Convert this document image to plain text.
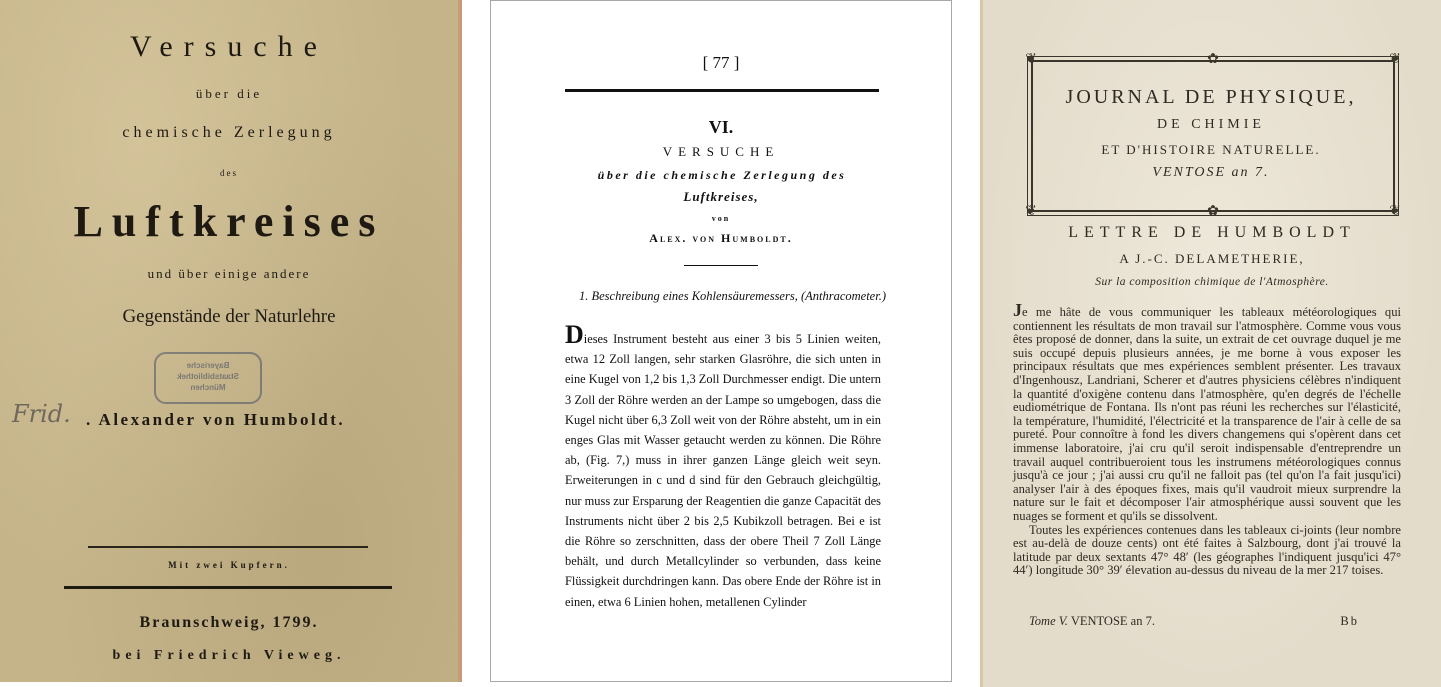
Versuche
über die
chemische Zerlegung
des
Luftkreises
und über einige andere
Gegenstände der Naturlehre
Bayerische
Staatsbibliothek
München
Frid. . Alexander von Humboldt.
Mit zwei Kupfern.
Braunschweig, 1799.
bei Friedrich Vieweg.
[ 77 ]
VI.
VERSUCHE
über die chemische Zerlegung des
Luftkreises,
von
Alex. von Humboldt.
1. Beschreibung eines Kohlensäuremessers, (Anthracometer.)
Dieses Instrument besteht aus einer 3 bis 5 Linien weiten, etwa 12 Zoll langen, sehr starken Glasröhre, die sich unten in eine Kugel von 1,2 bis 1,3 Zoll Durchmesser endigt. Die untern 3 Zoll der Röhre werden an der Lampe so umgebogen, dass die Kugel nicht über 6,3 Zoll weit von der Röhre absteht, um in ein enges Glas mit Wasser getaucht werden zu können. Die Röhre ab, (Fig. 7,) muss in ihrer ganzen Länge gleich weit seyn. Erweiterungen in c und d sind für den Gebrauch gleichgültig, nur muss zur Ersparung der Reagentien die ganze Capacität des Instruments nicht über 2 bis 2,5 Kubikzoll betragen. Bei e ist die Röhre so zerschnitten, dass der obere Theil 7 Zoll Länge behält, und durch Metallcylinder so verbunden, dass keine Flüssigkeit durchdringen kann. Das obere Ende der Röhre ist in einen, etwa 6 Linien hohen, metallenen Cylinder
❦	❦
❦	❦
✿
✿
JOURNAL DE PHYSIQUE,
DE CHIMIE
ET D'HISTOIRE NATURELLE.
VENTOSE an 7.
LETTRE DE HUMBOLDT
A J.-C. DELAMETHERIE,
Sur la composition chimique de l'Atmosphère.

Je me hâte de vous communiquer les tableaux météorologiques qui contiennent les résultats de mon travail sur l'atmosphère. Comme vous vous êtes proposé de donner, dans la suite, un extrait de cet ouvrage duquel je me suis occupé depuis plusieurs années, je me borne à vous exposer les principaux résultats que mes expériences semblent présenter. Les travaux d'Ingenhousz, Landriani, Scherer et d'autres physiciens célèbres n'indiquent la quantité d'oxigène contenu dans l'atmosphère, qu'en degrés de l'échelle eudiométrique de Fontana. Ils n'ont pas réuni les recherches sur l'élasticité, la température, l'humidité, l'électricité et la transparence de l'air à celle de sa pureté. Pour connoître à fond les divers changemens qui s'opèrent dans cet immense laboratoire, j'ai cru qu'il seroit indispensable d'entreprendre un travail auquel contribueroient tous les instrumens météorologiques connus jusqu'à ce jour ; j'ai aussi cru qu'il ne falloit pas (tel qu'on l'a fait jusqu'ici) analyser l'air à des époques fixes, mais qu'il vaudroit mieux surprendre la nature sur le fait et décomposer l'air atmosphérique aussi souvent que les nuages se forment et qu'ils se dissolvent.

Toutes les expériences contenues dans les tableaux ci-joints (leur nombre est au-delà de douze cents) ont été faites à Salzbourg, dont j'ai trouvé la latitude par deux sextants 47° 48′ (les géographes l'indiquent jusqu'ici 47° 44′) longitude 30° 39′ élevation au-dessus du niveau de la mer 217 toises.

Tome V. VENTOSE an 7.	Bb
